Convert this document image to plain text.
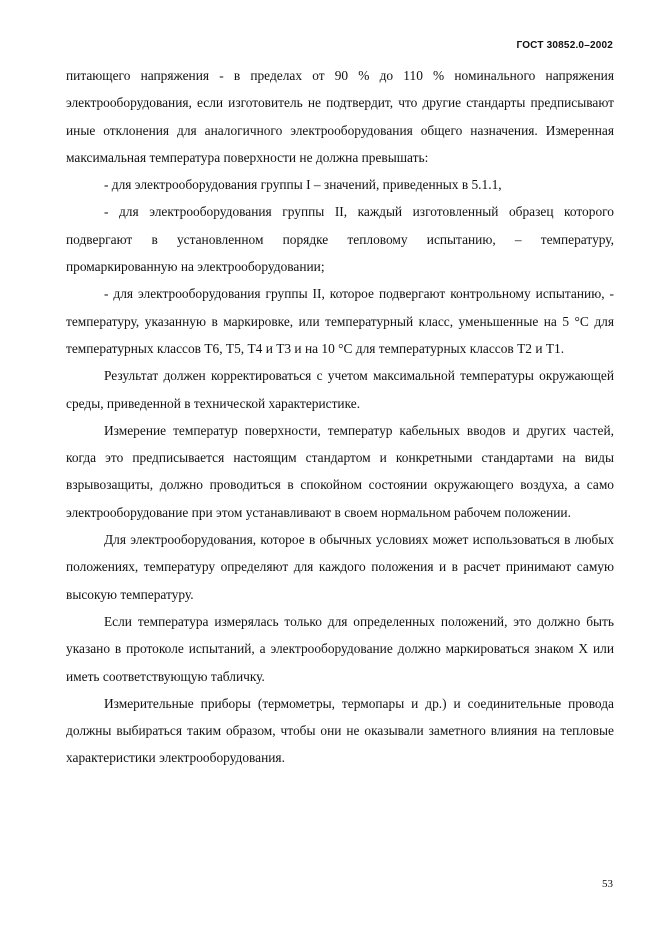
ГОСТ 30852.0–2002

питающего напряжения - в пределах от 90 % до 110 % номинального напряжения электрооборудования, если изготовитель не подтвердит, что другие стандарты предписывают иные отклонения для аналогичного электрооборудования общего назначения. Измеренная максимальная температура поверхности не должна превышать:

- для электрооборудования группы I – значений, приведенных в 5.1.1,

- для электрооборудования группы II, каждый изготовленный образец которого подвергают в установленном порядке тепловому испытанию, – температуру, промаркированную на электрооборудовании;

- для электрооборудования группы II, которое подвергают контрольному испытанию, - температуру, указанную в маркировке, или температурный класс, уменьшенные на 5 °С для температурных классов Т6, Т5, Т4 и Т3 и на 10 °С для температурных классов Т2 и Т1.

Результат должен корректироваться с учетом максимальной температуры окружающей среды, приведенной в технической характеристике.

Измерение температур поверхности, температур кабельных вводов и других частей, когда это предписывается настоящим стандартом и конкретными стандартами на виды взрывозащиты, должно проводиться в спокойном состоянии окружающего воздуха, а само электрооборудование при этом устанавливают в своем нормальном рабочем положении.

Для электрооборудования, которое в обычных условиях может использоваться в любых положениях, температуру определяют для каждого положения и в расчет принимают самую высокую температуру.

Если температура измерялась только для определенных положений, это должно быть указано в протоколе испытаний, а электрооборудование должно маркироваться знаком X или иметь соответствующую табличку.

Измерительные приборы (термометры, термопары и др.) и соединительные провода должны выбираться таким образом, чтобы они не оказывали заметного влияния на тепловые характеристики электрооборудования.

53
